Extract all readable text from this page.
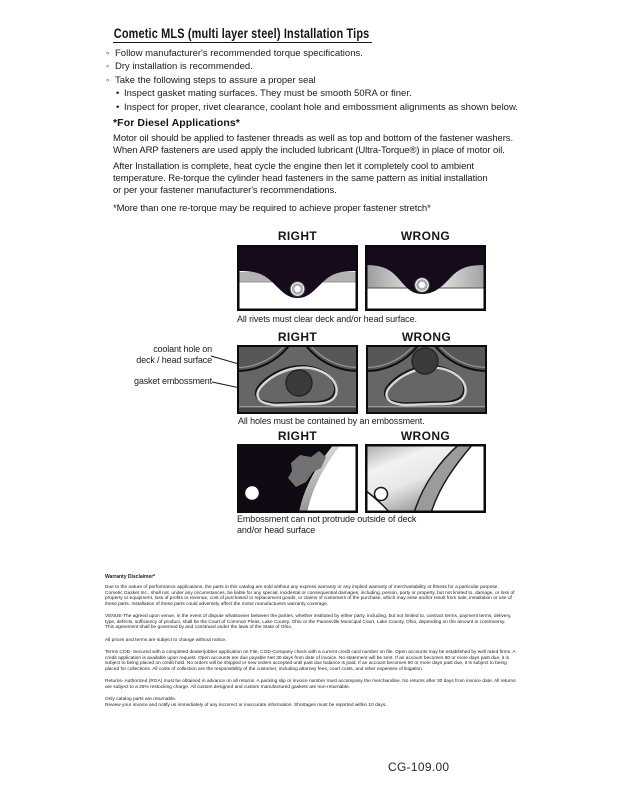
Cometic MLS (multi layer steel) Installation Tips
◦ Follow manufacturer's recommended torque specifications.
◦ Dry installation is recommended.
◦ Take the following steps to assure a proper seal
• Inspect gasket mating surfaces. They must be smooth 50RA or finer.
• Inspect for proper, rivet clearance, coolant hole and embossment alignments as shown below.
*For Diesel Applications*
Motor oil should be applied to fastener threads as well as top and bottom of the fastener washers.
When ARP fasteners are used apply the included lubricant (Ultra-Torque®) in place of motor oil.
After Installation is complete, heat cycle the engine then let it completely cool to ambient
temperature. Re-torque the cylinder head fasteners in the same pattern as initial installation
or per your fastener manufacturer's recommendations.
*More than one re-torque may be required to achieve proper fastener stretch*
RIGHT	WRONG
All rivets must clear deck and/or head surface.
RIGHT	WRONG
coolant hole on
deck / head surface
gasket embossment
All holes must be contained by an embossment.
RIGHT	WRONG
Embossment can not protrude outside of deck
and/or head surface
Warranty Disclaimer*

Due to the nature of performance applications, the parts in this catalog are sold without any express warranty or any implied warranty of merchantability or fitness for a particular purpose. Cometic Gasket Inc., shall not, under any circumstances, be liable for any special, incidental or consequential damages, including, person, party or property, but not limited to, damage, or loss of property or equipment, loss of profits or revenue, cost of purchased or replacement goods, or claims of customers of the purchase, which may arise and/or result from sale, installation or use of these parts. Installation of these parts could adversely affect the motor manufacturers warranty coverage.

VENUE-The agreed upon venue, in the event of dispute whatsoever between the parties, whether instituted by either party, including, but not limited to, contract terms, payment terms, delivery, type, defects, sufficiency of product, shall be the Court of Common Pleas, Lake County, Ohio or the Painesville Municipal Court, Lake County, Ohio, depending on the amount in controversy.
This agreement shall be governed by and construed under the laws of the State of Ohio.

All prices and terms are subject to change without notice.

Terms COD- Secured with a completed dealer/jobber application on File, COD-Company check with a current credit card number on file. Open accounts may be established by well rated firms. A credit application is available upon request. Open accounts are due payable Net 30 days from date of invoice. No statement will be sent. If an account becomes 60 or more days past due, it is subject to being placed on credit hold. No orders will be shipped or new orders accepted until past due balance is paid. If an account becomes 90 or more days past due, it is subject to being placed for collections. All costs of collection are the responsibility of the customer, including attorney fees, court costs, and other expenses of litigation.

Returns- Authorized (RGA) must be obtained in advance on all returns. A packing slip or invoice number must accompany the merchandise. No returns after 30 days from invoice date. All returns are subject to a 25% restocking charge. All custom designed and custom manufactured gaskets are non-returnable.

Only catalog parts are returnable.
Review your invoice and notify us immediately of any incorrect or inaccurate information. Shortages must be reported within 10 days.

CG-109.00
